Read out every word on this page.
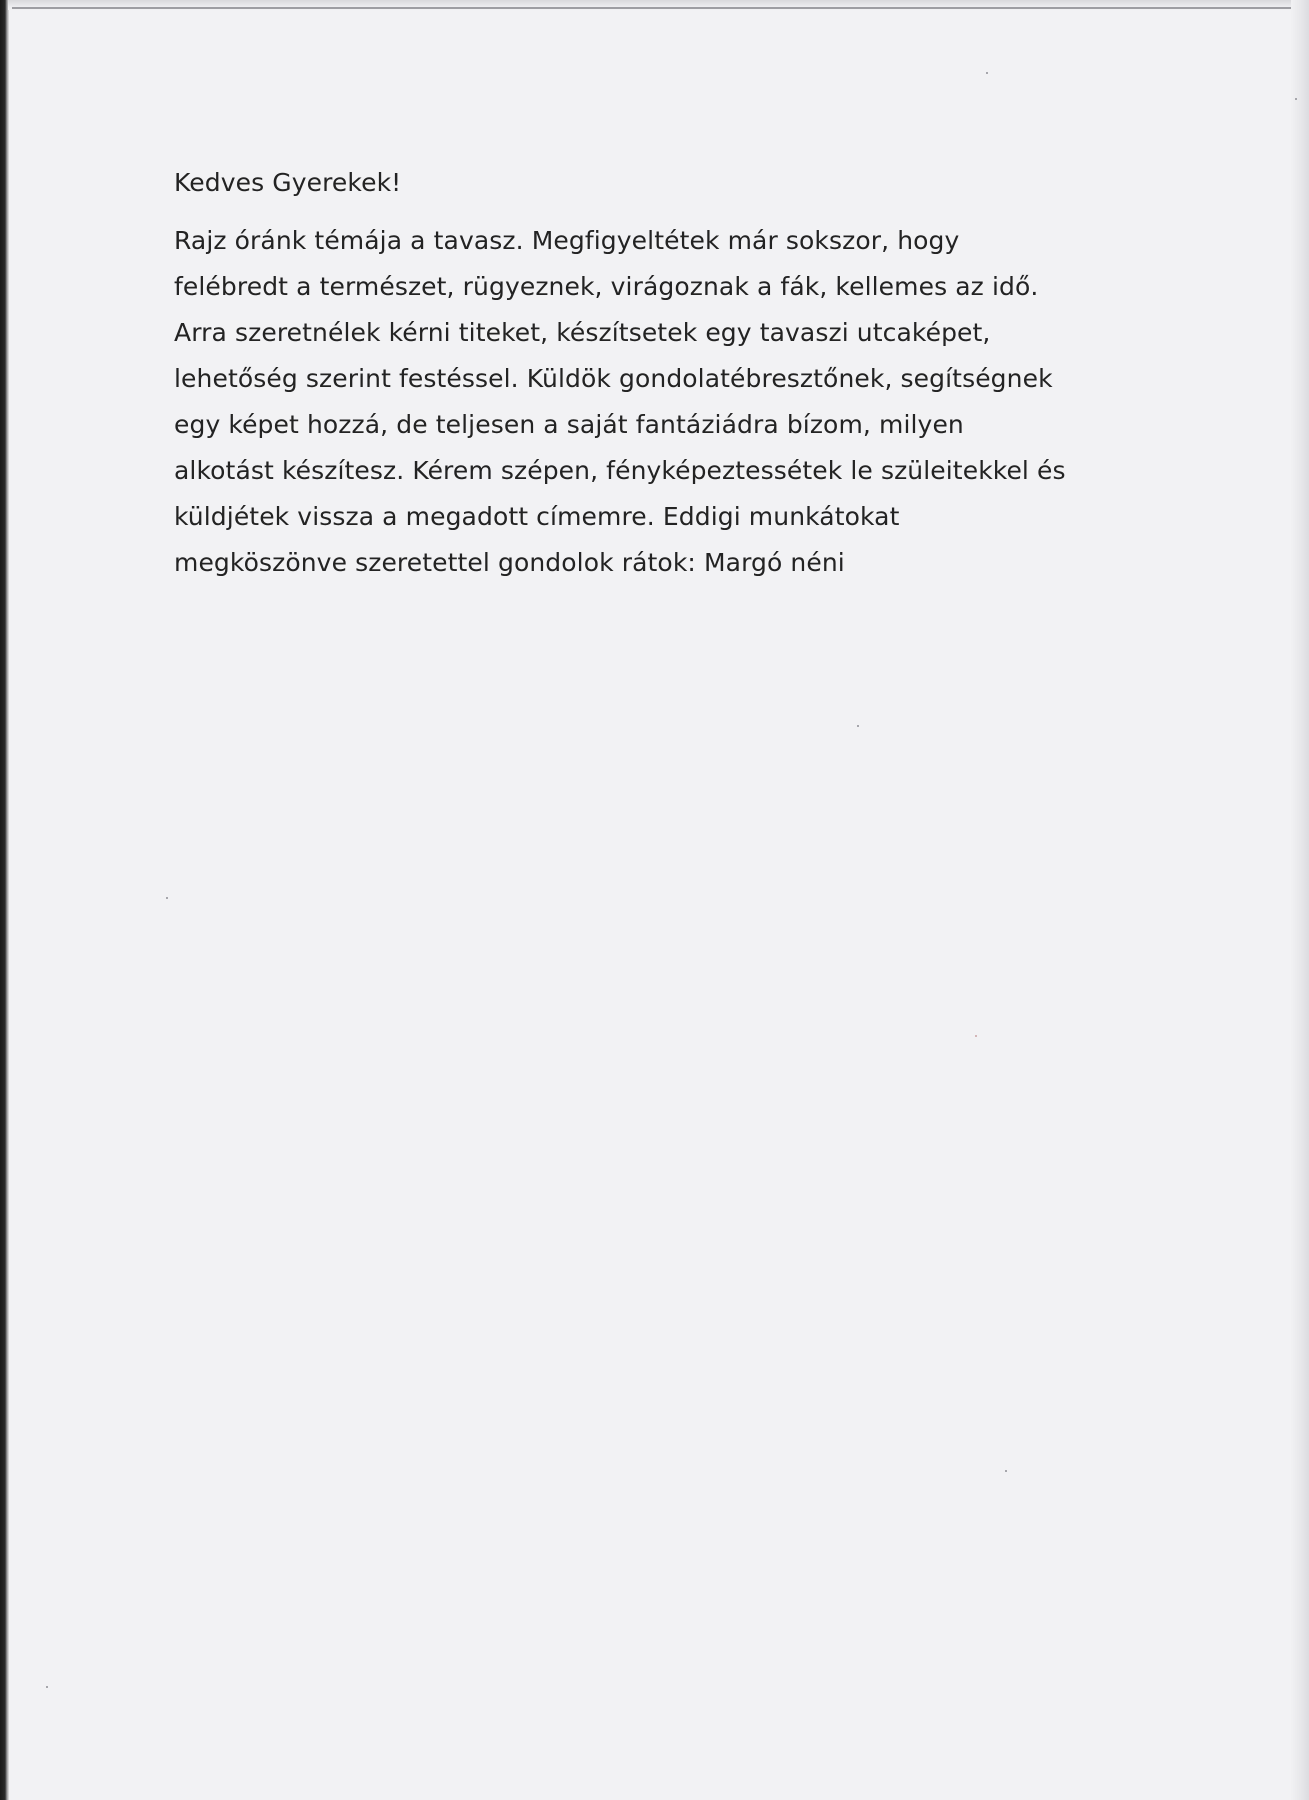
Kedves Gyerekek!
Rajz óránk témája a tavasz. Megfigyeltétek már sokszor, hogy
felébredt a természet, rügyeznek, virágoznak a fák, kellemes az idő.
Arra szeretnélek kérni titeket, készítsetek egy tavaszi utcaképet,
lehetőség szerint festéssel. Küldök gondolatébresztőnek, segítségnek
egy képet hozzá, de teljesen a saját fantáziádra bízom, milyen
alkotást készítesz. Kérem szépen, fényképeztessétek le szüleitekkel és
küldjétek vissza a megadott címemre. Eddigi munkátokat
megköszönve szeretettel gondolok rátok: Margó néni
